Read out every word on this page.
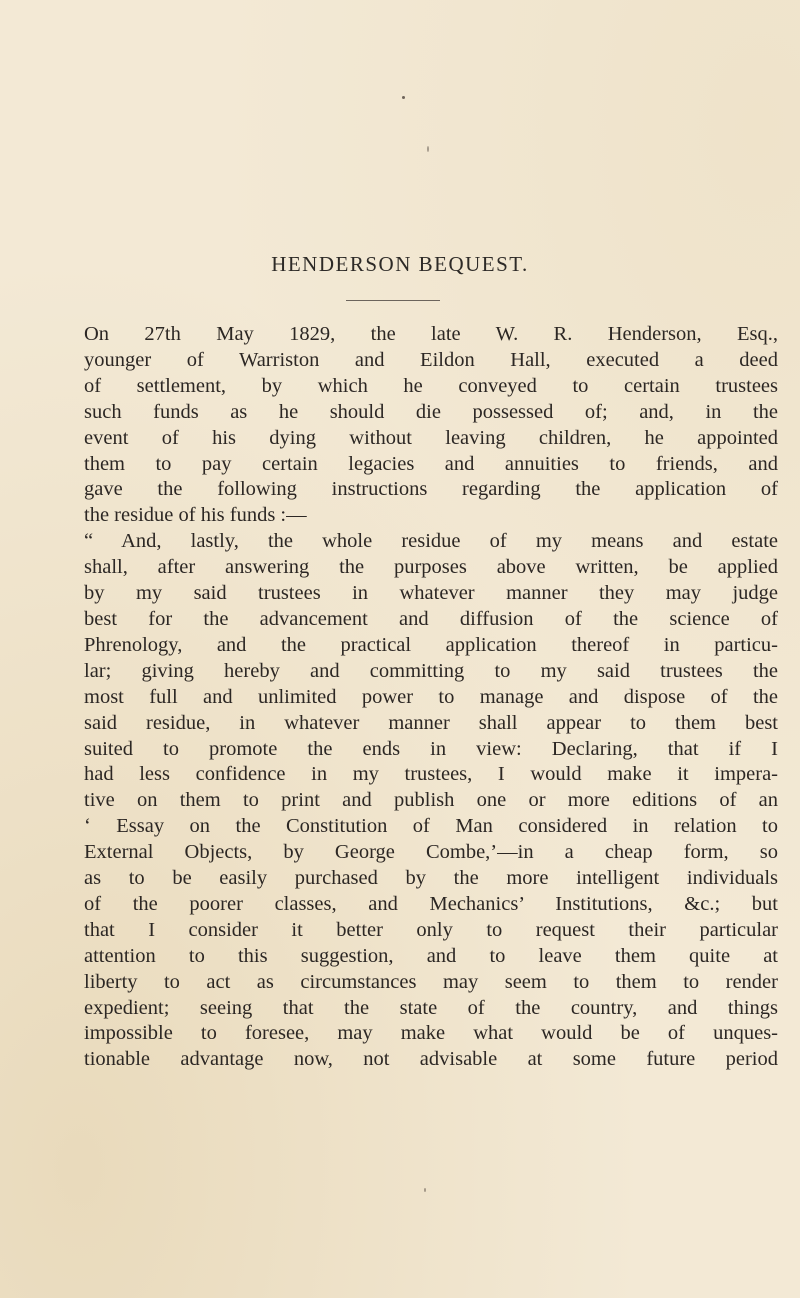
HENDERSON BEQUEST.
On 27th May 1829, the late W. R. Henderson, Esq.,
younger of Warriston and Eildon Hall, executed a deed
of settlement, by which he conveyed to certain trustees
such funds as he should die possessed of; and, in the
event of his dying without leaving children, he appointed
them to pay certain legacies and annuities to friends, and
gave the following instructions regarding the application of
the residue of his funds :—
“ And, lastly, the whole residue of my means and estate
shall, after answering the purposes above written, be applied
by my said trustees in whatever manner they may judge
best for the advancement and diffusion of the science of
Phrenology, and the practical application thereof in particu-
lar; giving hereby and committing to my said trustees the
most full and unlimited power to manage and dispose of the
said residue, in whatever manner shall appear to them best
suited to promote the ends in view: Declaring, that if I
had less confidence in my trustees, I would make it impera-
tive on them to print and publish one or more editions of an
‘ Essay on the Constitution of Man considered in relation to
External Objects, by George Combe,’—in a cheap form, so
as to be easily purchased by the more intelligent individuals
of the poorer classes, and Mechanics’ Institutions, &c.; but
that I consider it better only to request their particular
attention to this suggestion, and to leave them quite at
liberty to act as circumstances may seem to them to render
expedient; seeing that the state of the country, and things
impossible to foresee, may make what would be of unques-
tionable advantage now, not advisable at some future period
